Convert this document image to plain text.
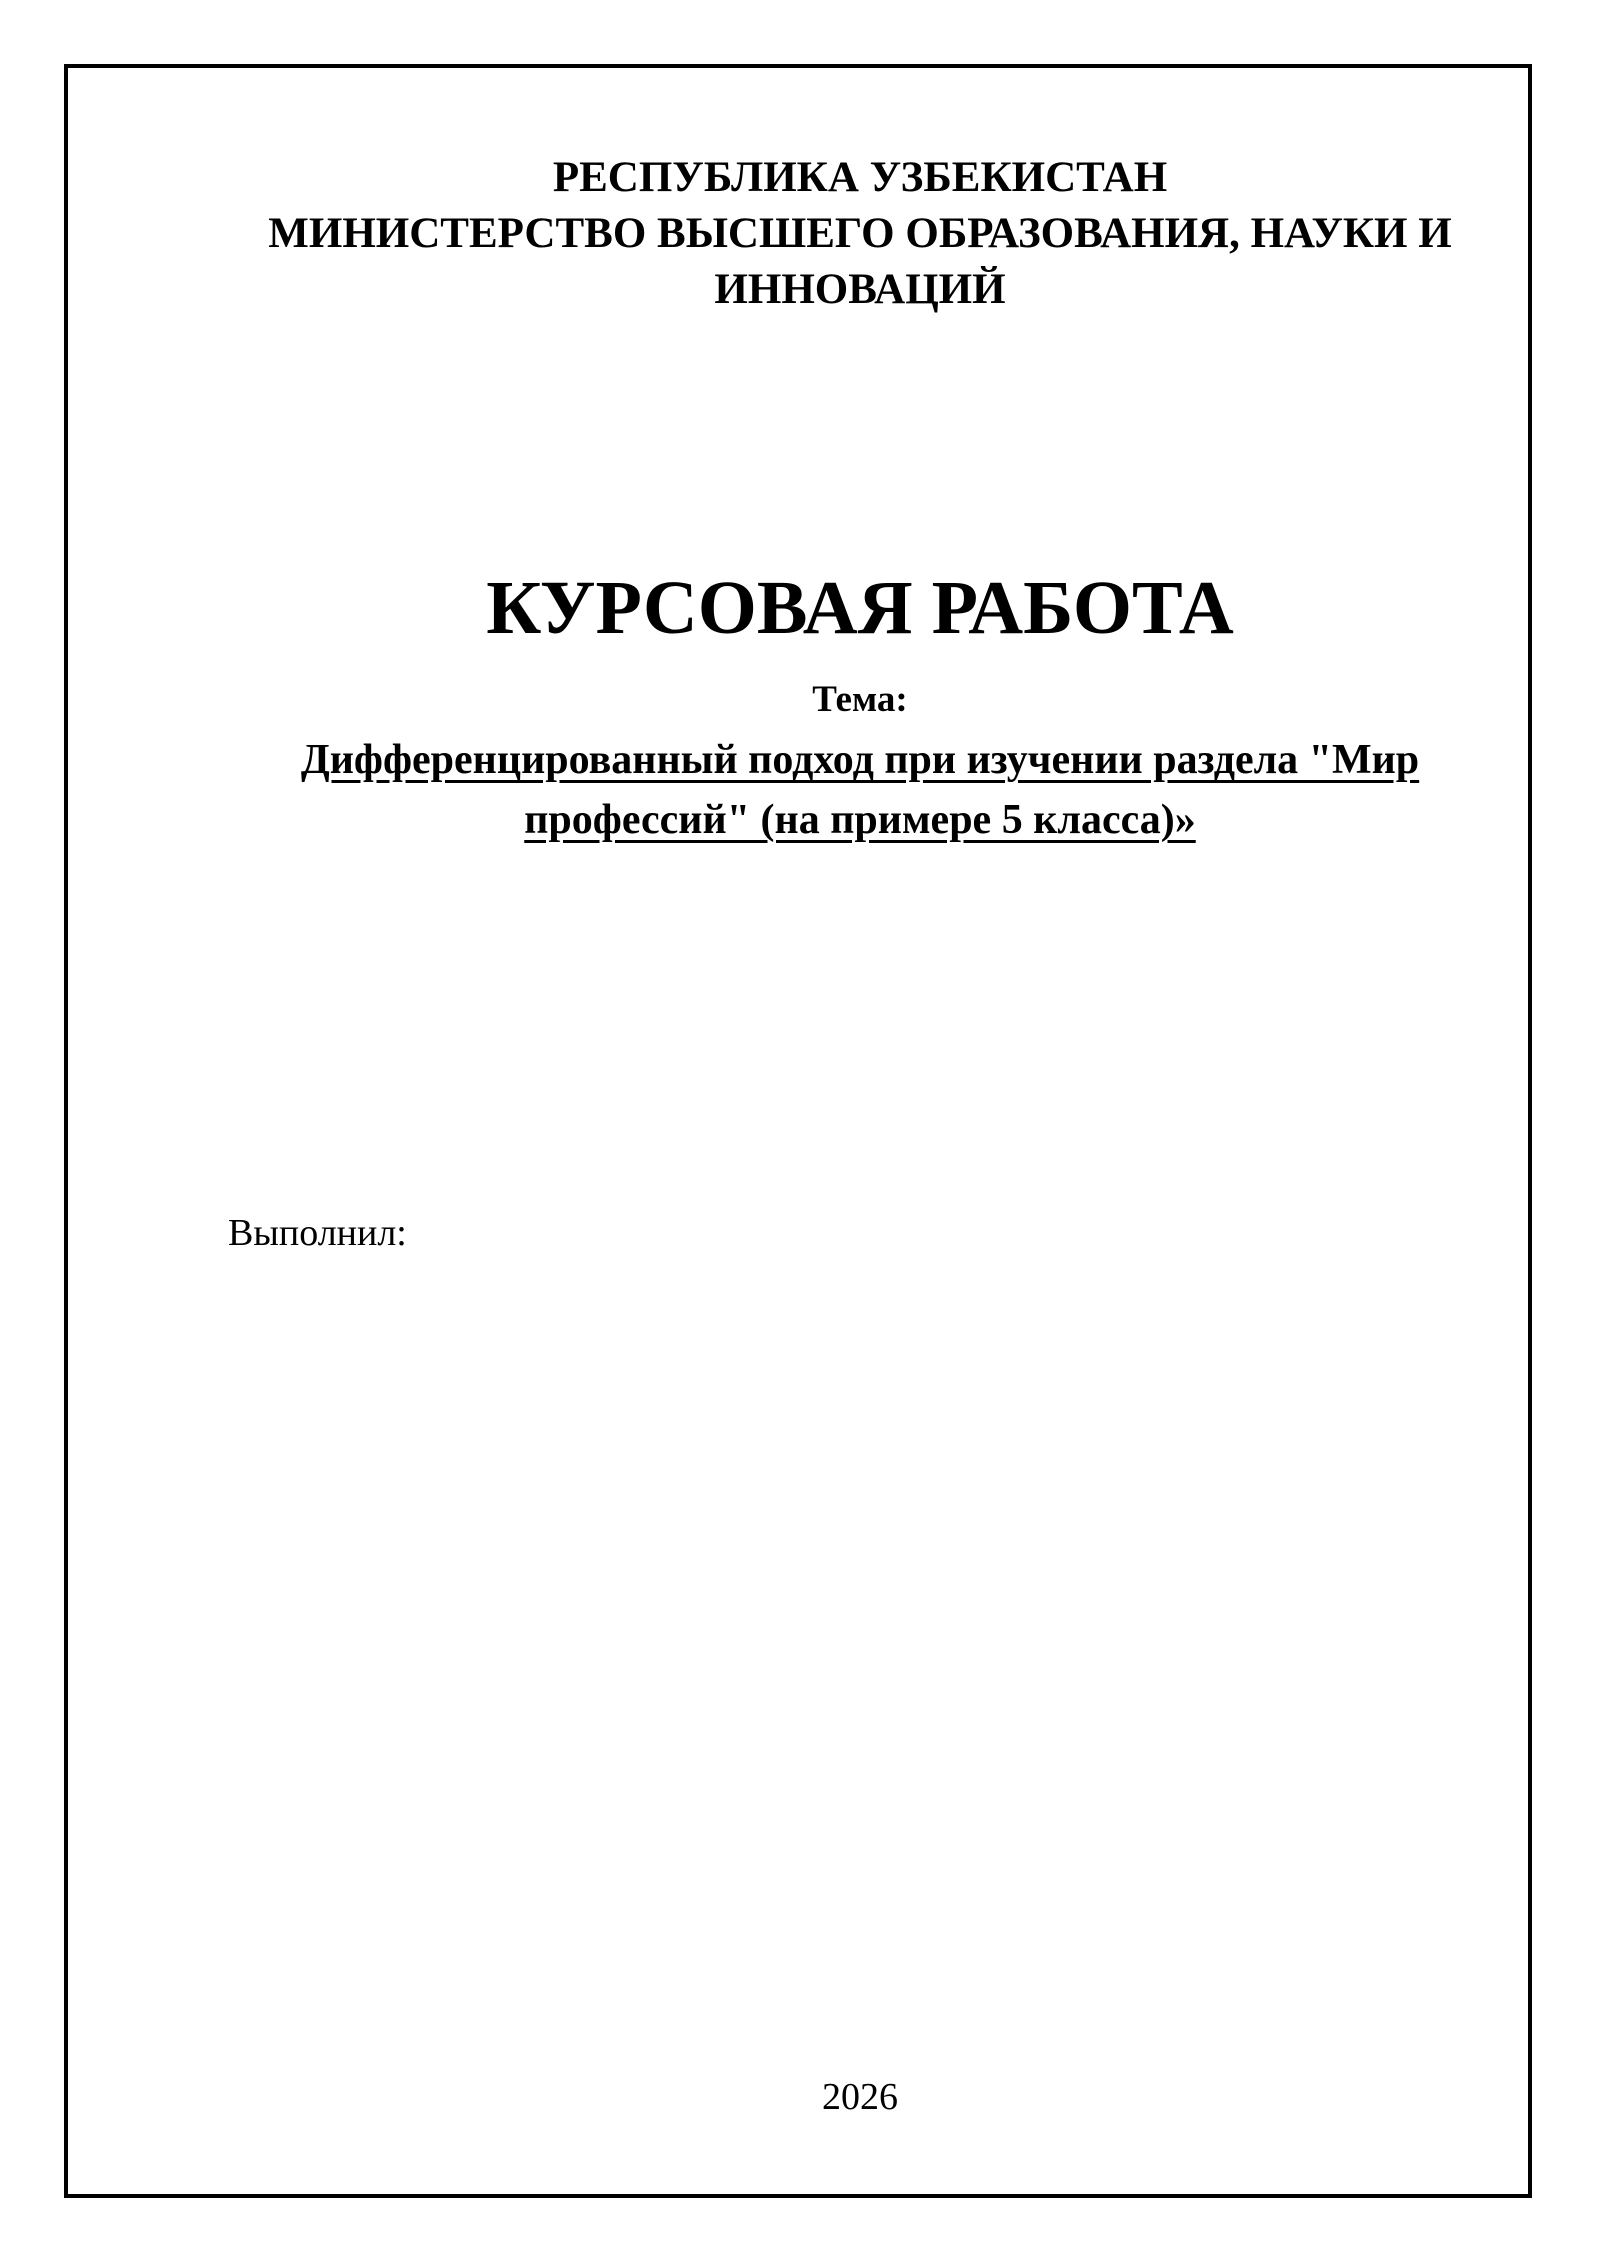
РЕСПУБЛИКА УЗБЕКИСТАН
МИНИСТЕРСТВО ВЫСШЕГО ОБРАЗОВАНИЯ, НАУКИ И
ИННОВАЦИЙ
КУРСОВАЯ РАБОТА
Тема:
Дифференцированный подход при изучении раздела "Мир профессий" (на примере 5 класса)»
Выполнил:
2026
